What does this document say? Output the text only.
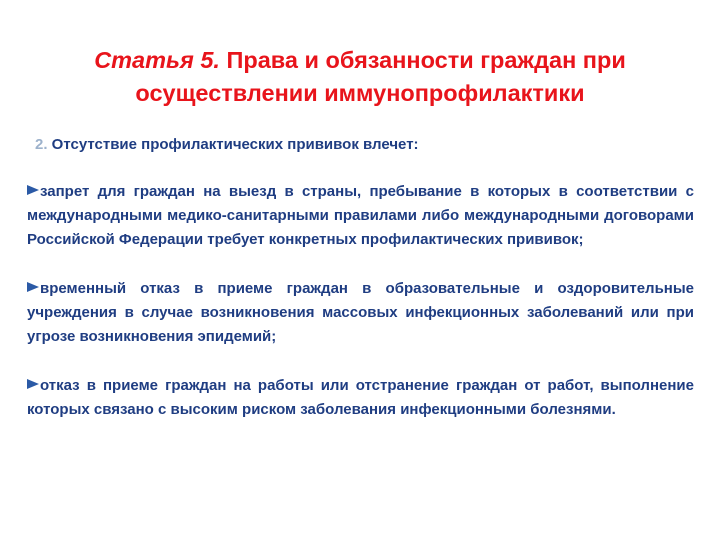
Статья 5. Права и обязанности граждан при осуществлении иммунопрофилактики
2. Отсутствие профилактических прививок влечет:
запрет для граждан на выезд в страны, пребывание в которых в соответствии с международными медико-санитарными правилами либо международными договорами Российской Федерации требует конкретных профилактических прививок;
временный отказ в приеме граждан в образовательные и оздоровительные учреждения в случае возникновения массовых инфекционных заболеваний или при угрозе возникновения эпидемий;
отказ в приеме граждан на работы или отстранение граждан от работ, выполнение которых связано с высоким риском заболевания инфекционными болезнями.
